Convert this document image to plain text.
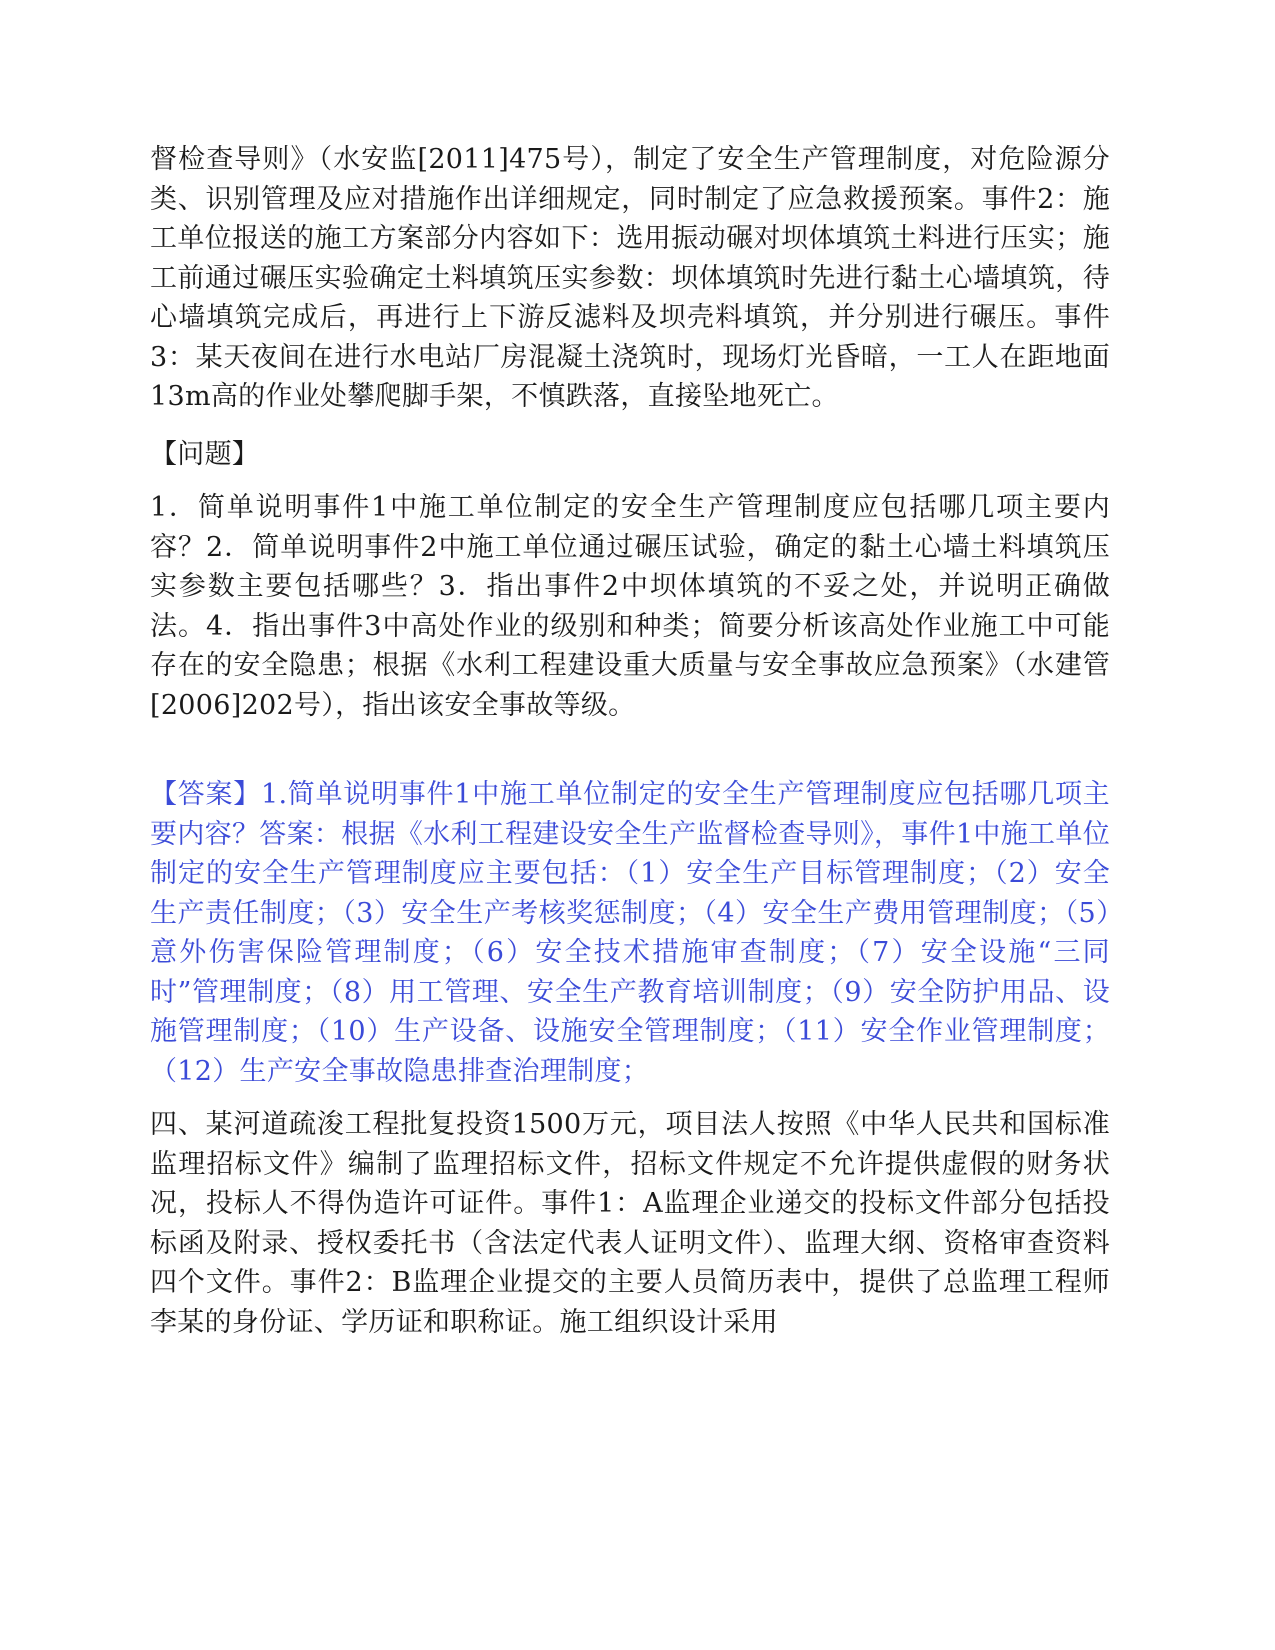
督检查导则》（水安监[2011]475号），制定了安全生产管理制度，对危险源分类、识别管理及应对措施作出详细规定，同时制定了应急救援预案。事件2：施工单位报送的施工方案部分内容如下：选用振动碾对坝体填筑土料进行压实；施工前通过碾压实验确定土料填筑压实参数：坝体填筑时先进行黏土心墙填筑，待心墙填筑完成后，再进行上下游反滤料及坝壳料填筑，并分别进行碾压。事件3：某天夜间在进行水电站厂房混凝土浇筑时，现场灯光昏暗，一工人在距地面13m高的作业处攀爬脚手架，不慎跌落，直接坠地死亡。

【问题】

1．简单说明事件1中施工单位制定的安全生产管理制度应包括哪几项主要内容？2．简单说明事件2中施工单位通过碾压试验，确定的黏土心墙土料填筑压实参数主要包括哪些？3．指出事件2中坝体填筑的不妥之处，并说明正确做法。4．指出事件3中高处作业的级别和种类；简要分析该高处作业施工中可能存在的安全隐患；根据《水利工程建设重大质量与安全事故应急预案》（水建管[2006]202号），指出该安全事故等级。

【答案】1.简单说明事件1中施工单位制定的安全生产管理制度应包括哪几项主要内容？答案：根据《水利工程建设安全生产监督检查导则》，事件1中施工单位制定的安全生产管理制度应主要包括：（1）安全生产目标管理制度；（2）安全生产责任制度；（3）安全生产考核奖惩制度；（4）安全生产费用管理制度；（5）意外伤害保险管理制度；（6）安全技术措施审查制度；（7）安全设施“三同时”管理制度；（8）用工管理、安全生产教育培训制度；（9）安全防护用品、设施管理制度；（10）生产设备、设施安全管理制度；（11）安全作业管理制度；（12）生产安全事故隐患排查治理制度；

四、某河道疏浚工程批复投资1500万元，项目法人按照《中华人民共和国标准监理招标文件》编制了监理招标文件，招标文件规定不允许提供虚假的财务状况，投标人不得伪造许可证件。事件1：A监理企业递交的投标文件部分包括投标函及附录、授权委托书（含法定代表人证明文件）、监理大纲、资格审查资料四个文件。事件2：B监理企业提交的主要人员简历表中，提供了总监理工程师李某的身份证、学历证和职称证。施工组织设计采用
